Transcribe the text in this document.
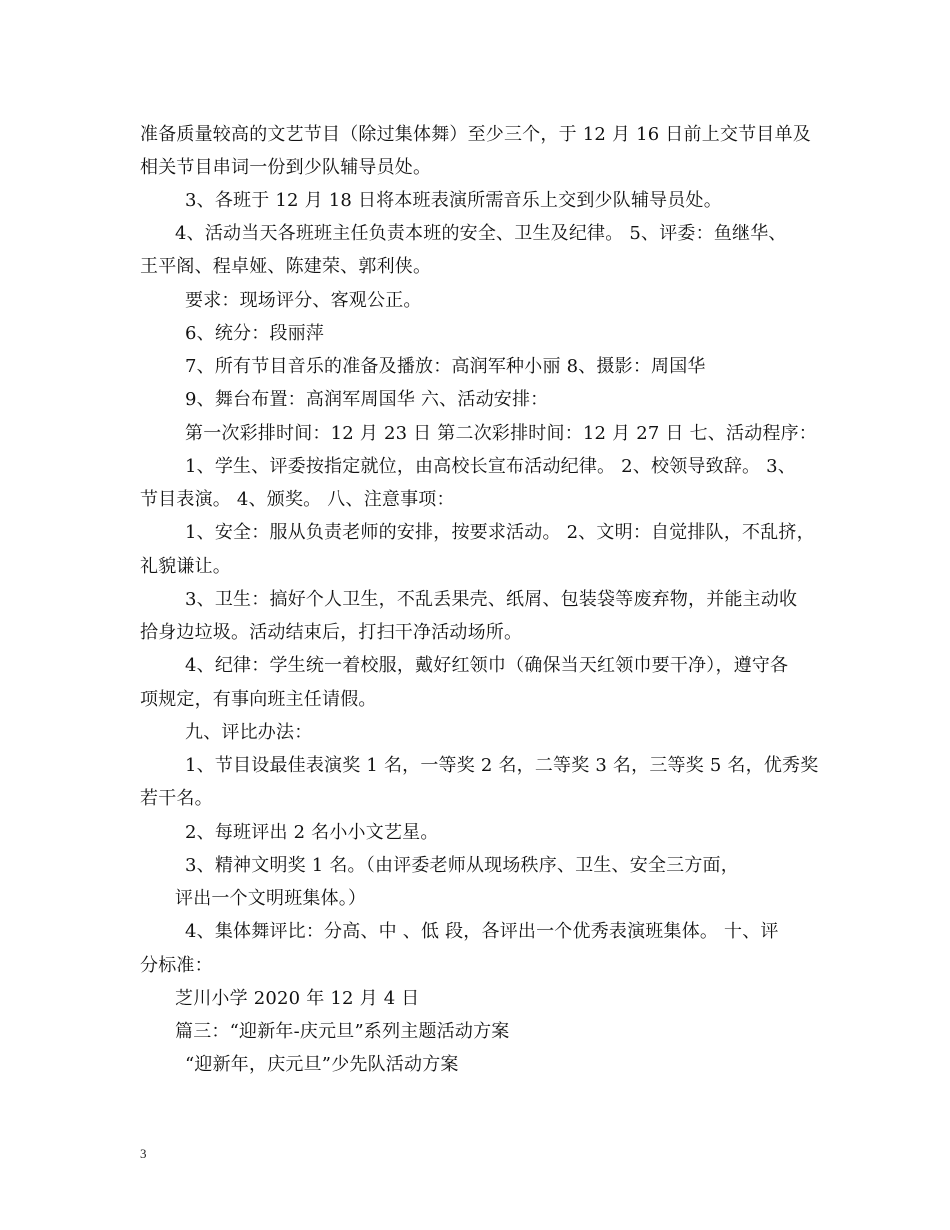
准备质量较高的文艺节目（除过集体舞）至少三个，于 12 月 16 日前上交节目单及
相关节目串词一份到少队辅导员处。
3、各班于 12 月 18 日将本班表演所需音乐上交到少队辅导员处。
4、活动当天各班班主任负责本班的安全、卫生及纪律。 5、评委：鱼继华、
王平阁、程卓娅、陈建荣、郭利侠。
要求：现场评分、客观公正。
6、统分：段丽萍
7、所有节目音乐的准备及播放：高润军种小丽 8、摄影：周国华
9、舞台布置：高润军周国华 六、活动安排：
第一次彩排时间：12 月 23 日 第二次彩排时间：12 月 27 日 七、活动程序：
1、学生、评委按指定就位，由高校长宣布活动纪律。 2、校领导致辞。 3、
节目表演。 4、颁奖。 八、注意事项：
1、安全：服从负责老师的安排，按要求活动。 2、文明：自觉排队，不乱挤，
礼貌谦让。
3、卫生：搞好个人卫生，不乱丢果壳、纸屑、包装袋等废弃物，并能主动收
拾身边垃圾。活动结束后，打扫干净活动场所。
4、纪律：学生统一着校服，戴好红领巾（确保当天红领巾要干净），遵守各
项规定，有事向班主任请假。
九、评比办法：
1、节目设最佳表演奖 1 名，一等奖 2 名，二等奖 3 名，三等奖 5 名，优秀奖
若干名。
2、每班评出 2 名小小文艺星。
3、精神文明奖 1 名。（由评委老师从现场秩序、卫生、安全三方面，
评出一个文明班集体。）
4、集体舞评比：分高、中 、低 段，各评出一个优秀表演班集体。 十、评
分标准：
芝川小学 2020 年 12 月 4 日
篇三：“迎新年-庆元旦”系列主题活动方案
“迎新年，庆元旦”少先队活动方案
3
